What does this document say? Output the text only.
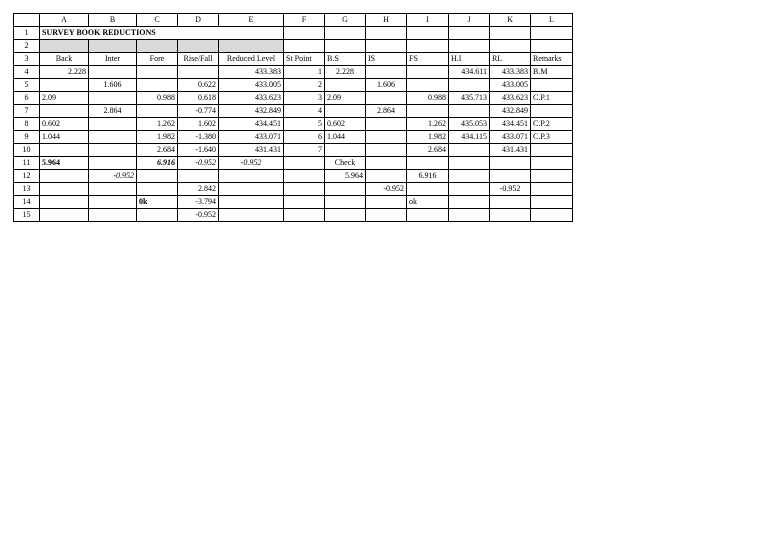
	A	B	C	D	E	F	G	H	I	J	K	L
1	SURVEY BOOK REDUCTIONS											
2												
3	Back	Inter	Fore	Rise/Fall	Reduced Level	St Point	B.S	IS	FS	H.I	RL	Remarks
4	2.228				433.383	1	2.228			434.611	433.383	B.M
5		1.606		0.622	433.005	2		1.606			433.005	
6	2.09		0.988	0.618	433.623	3	2.09		0.988	435.713	433.623	C.P.1
7		2.864		-0.774	432.849	4		2.864			432.849	
8	0.602		1.262	1.602	434.451	5	0.602		1.262	435.053	434.451	C.P.2
9	1.044		1.982	-1.380	433.071	6	1.044		1.982	434.115	433.071	C.P.3
10			2.684	-1.640	431.431	7			2.684		431.431	
11	5.964		6.916	-0.952	-0.952		Check					
12		-0.952					5.964		6.916			
13				2.842				-0.952			-0.952	
14			0k	-3.794					ok			
15				-0.952								
